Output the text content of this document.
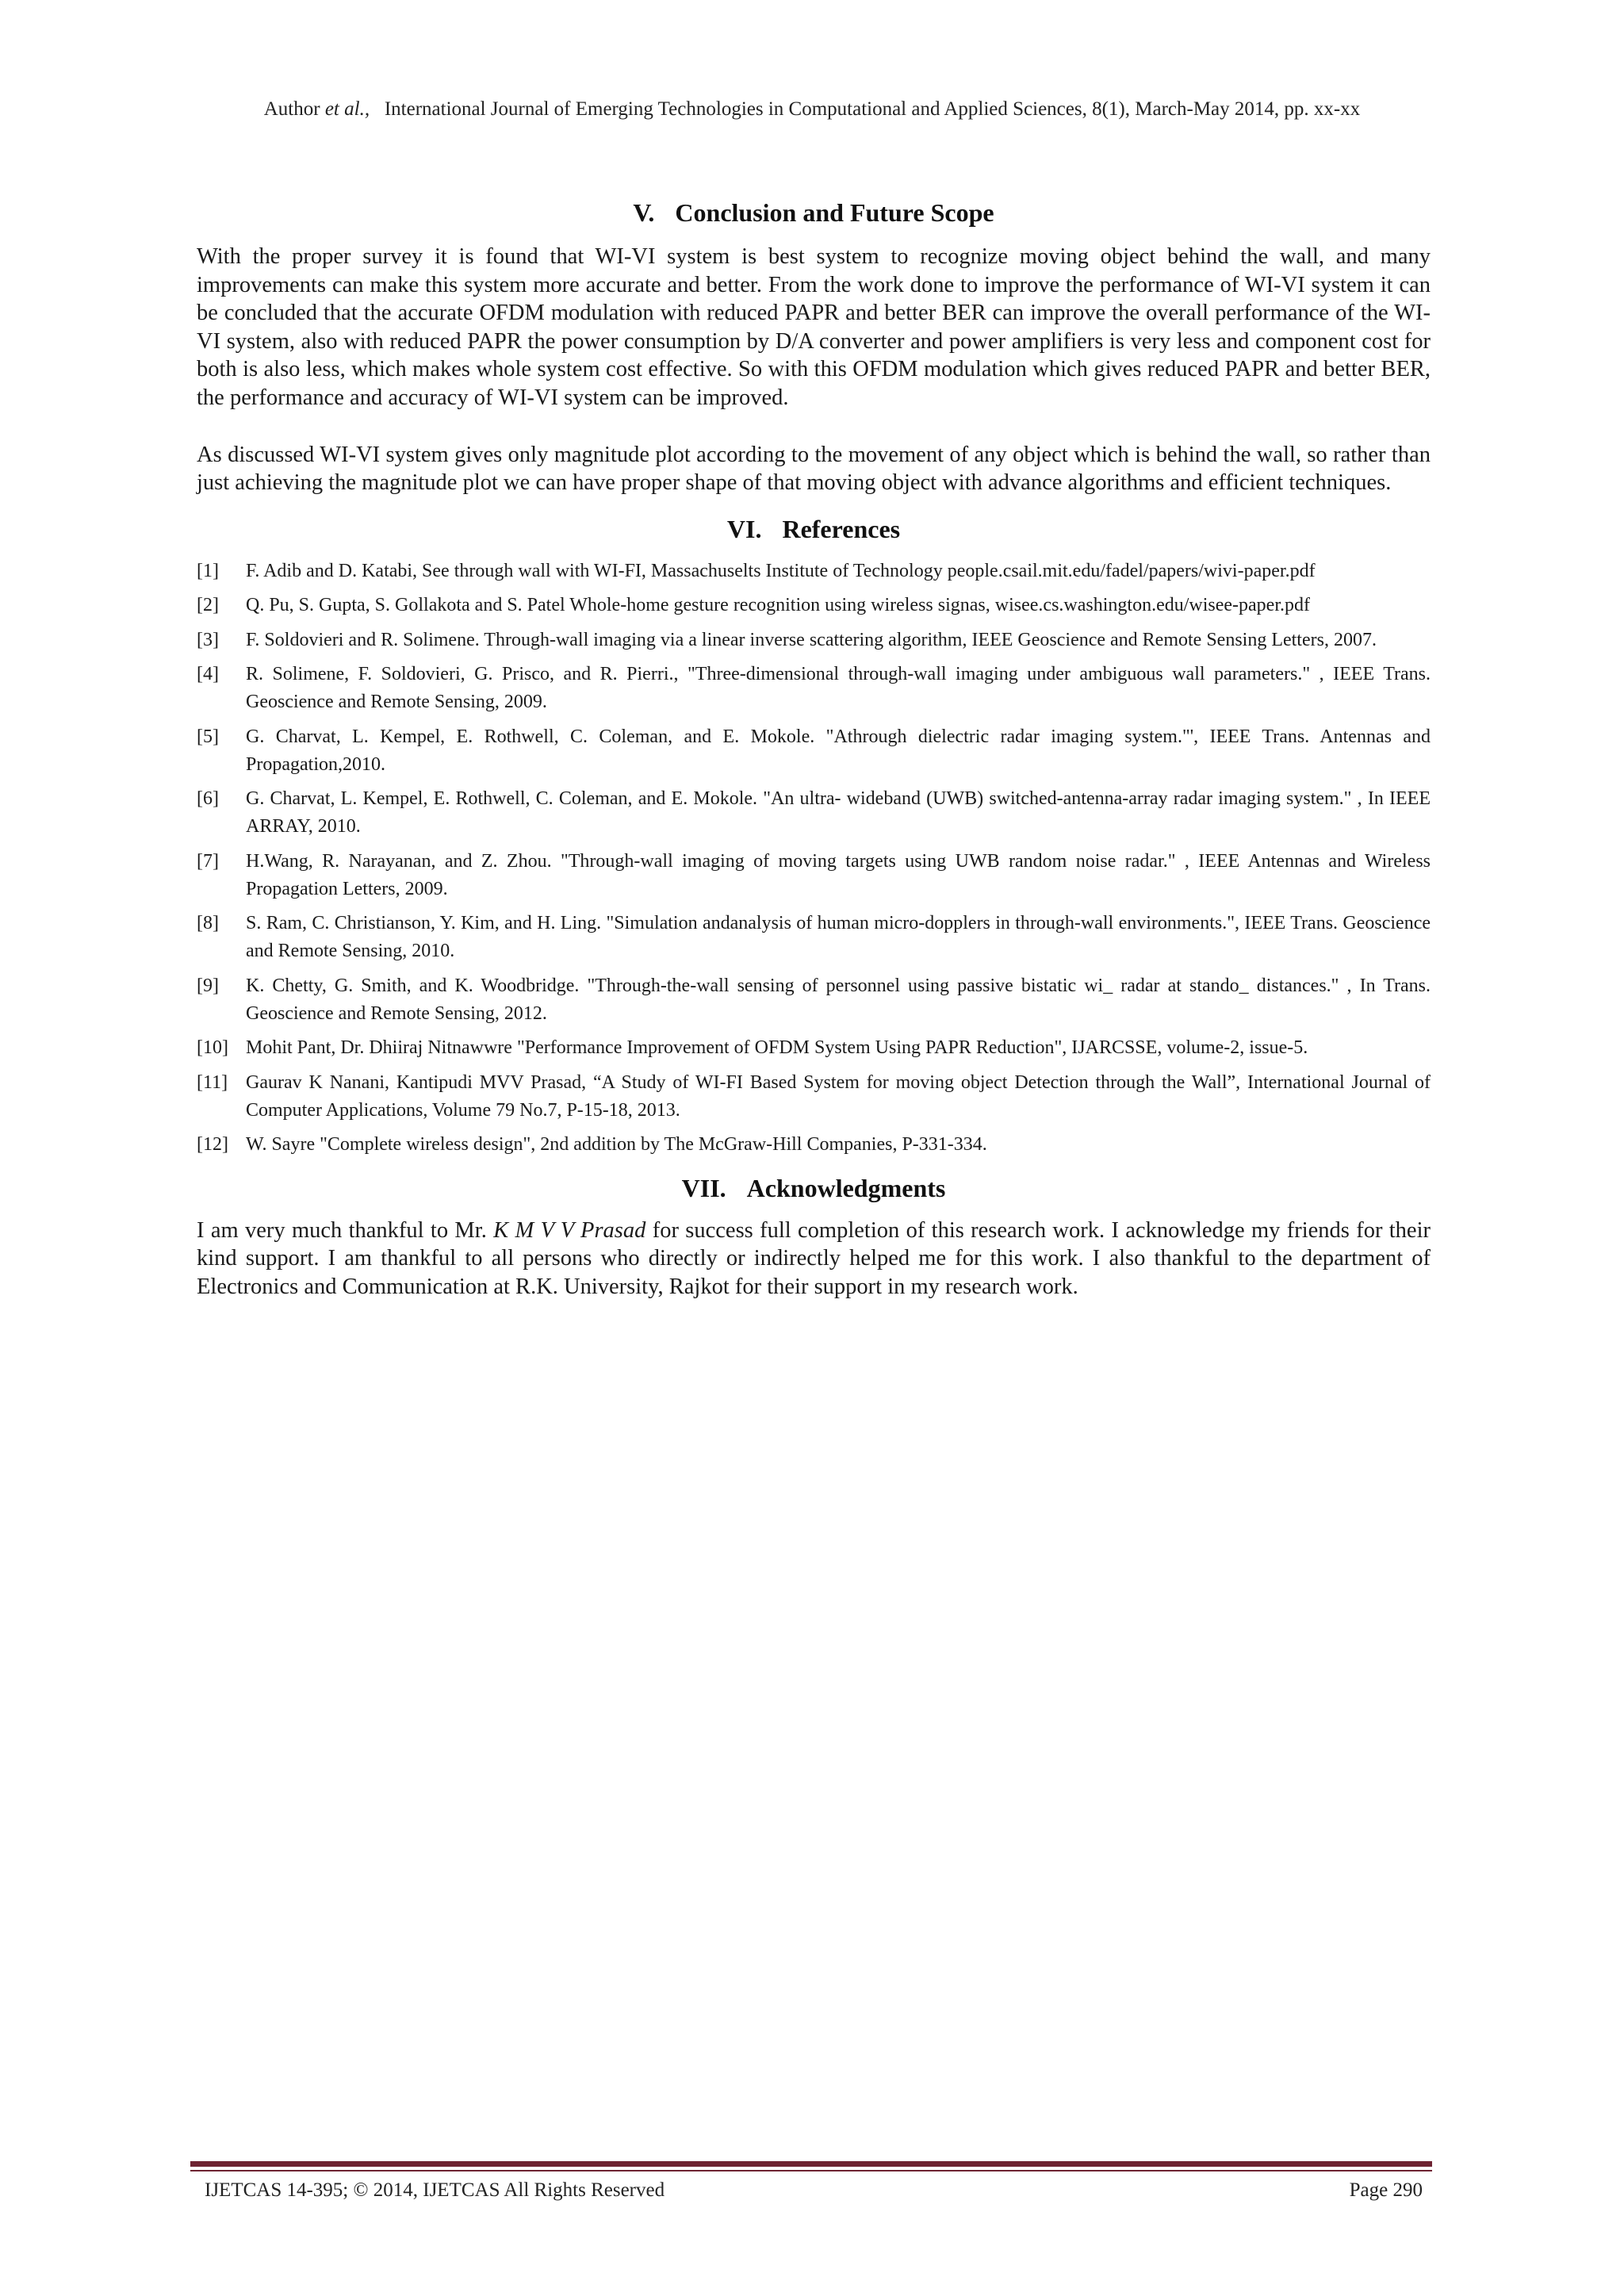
Author et al., International Journal of Emerging Technologies in Computational and Applied Sciences, 8(1), March-May 2014, pp. xx-xx
V. Conclusion and Future Scope

With the proper survey it is found that WI-VI system is best system to recognize moving object behind the wall, and many improvements can make this system more accurate and better. From the work done to improve the performance of WI-VI system it can be concluded that the accurate OFDM modulation with reduced PAPR and better BER can improve the overall performance of the WI-VI system, also with reduced PAPR the power consumption by D/A converter and power amplifiers is very less and component cost for both is also less, which makes whole system cost effective. So with this OFDM modulation which gives reduced PAPR and better BER, the performance and accuracy of WI-VI system can be improved.

As discussed WI-VI system gives only magnitude plot according to the movement of any object which is behind the wall, so rather than just achieving the magnitude plot we can have proper shape of that moving object with advance algorithms and efficient techniques.

VI. References
[1]	F. Adib and D. Katabi, See through wall with WI-FI, Massachuselts Institute of Technology people.csail.mit.edu/fadel/papers/wivi-paper.pdf
[2]	Q. Pu, S. Gupta, S. Gollakota and S. Patel Whole-home gesture recognition using wireless signas, wisee.cs.washington.edu/wisee-paper.pdf
[3]	F. Soldovieri and R. Solimene. Through-wall imaging via a linear inverse scattering algorithm, IEEE Geoscience and Remote Sensing Letters, 2007.
[4]	R. Solimene, F. Soldovieri, G. Prisco, and R. Pierri., "Three-dimensional through-wall imaging under ambiguous wall parameters." , IEEE Trans. Geoscience and Remote Sensing, 2009.
[5]	G. Charvat, L. Kempel, E. Rothwell, C. Coleman, and E. Mokole. "Athrough dielectric radar imaging system."', IEEE Trans. Antennas and Propagation,2010.
[6]	G. Charvat, L. Kempel, E. Rothwell, C. Coleman, and E. Mokole. "An ultra- wideband (UWB) switched-antenna-array radar imaging system." , In IEEE ARRAY, 2010.
[7]	H.Wang, R. Narayanan, and Z. Zhou. "Through-wall imaging of moving targets using UWB random noise radar." , IEEE Antennas and Wireless Propagation Letters, 2009.
[8]	S. Ram, C. Christianson, Y. Kim, and H. Ling. "Simulation andanalysis of human micro-dopplers in through-wall environments.", IEEE Trans. Geoscience and Remote Sensing, 2010.
[9]	K. Chetty, G. Smith, and K. Woodbridge. "Through-the-wall sensing of personnel using passive bistatic wi_ radar at stando_ distances." , In Trans. Geoscience and Remote Sensing, 2012.
[10] Mohit Pant, Dr. Dhiiraj Nitnawwre "Performance Improvement of OFDM System Using PAPR Reduction", IJARCSSE, volume-2, issue-5.
[11] Gaurav K Nanani, Kantipudi MVV Prasad, “A Study of WI-FI Based System for moving object Detection through the Wall”, International Journal of Computer Applications, Volume 79 No.7, P-15-18, 2013.
[12] W. Sayre "Complete wireless design", 2nd addition by The McGraw-Hill Companies, P-331-334.
VII. Acknowledgments

I am very much thankful to Mr. K M V V Prasad for success full completion of this research work. I acknowledge my friends for their kind support. I am thankful to all persons who directly or indirectly helped me for this work. I also thankful to the department of Electronics and Communication at R.K. University, Rajkot for their support in my research work.

IJETCAS 14-395; © 2014, IJETCAS All Rights Reserved	Page 290
